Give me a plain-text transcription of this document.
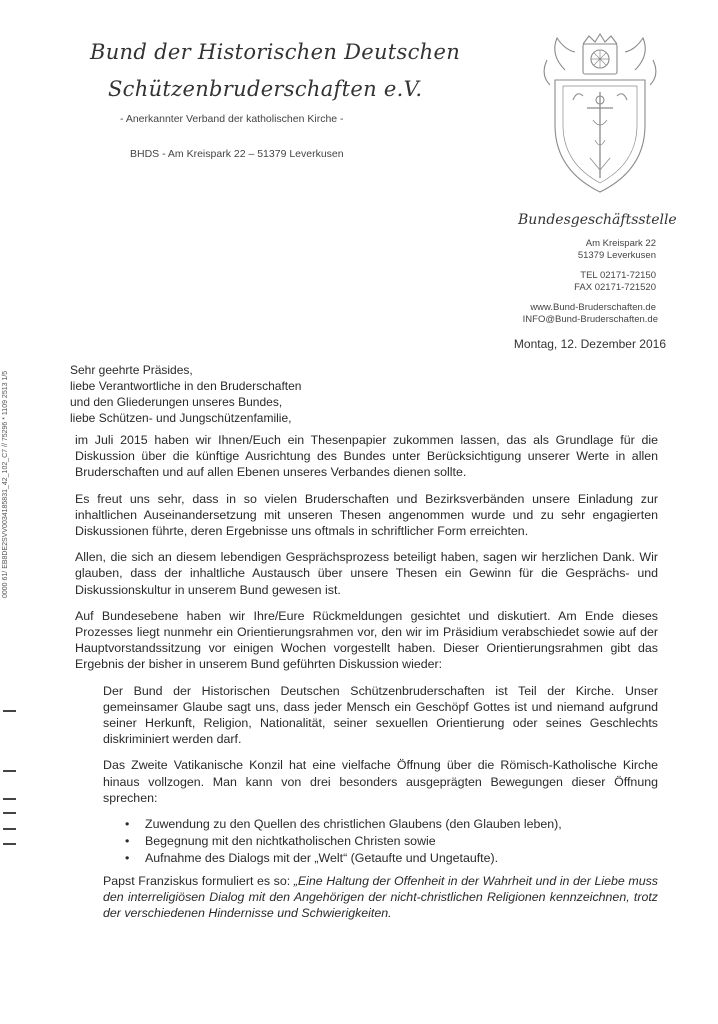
Bund der Historischen Deutschen
Schützenbruderschaften e.V.
- Anerkannter Verband der katholischen Kirche -
BHDS - Am Kreispark 22 – 51379 Leverkusen
Bundesgeschäftsstelle
Am Kreispark 22
51379 Leverkusen
TEL 02171-72150
FAX 02171-721520
www.Bund-Bruderschaften.de
INFO@Bund-Bruderschaften.de
Montag, 12. Dezember 2016
Sehr geehrte Präsides,
liebe Verantwortliche in den Bruderschaften
und den Gliederungen unseres Bundes,
liebe Schützen- und Jungschützenfamilie,

im Juli 2015 haben wir Ihnen/Euch ein Thesenpapier zukommen lassen, das als Grundlage für die Diskussion über die künftige Ausrichtung des Bundes unter Berücksichtigung unserer Werte in allen Bruderschaften und auf allen Ebenen unseres Verbandes dienen sollte.

Es freut uns sehr, dass in so vielen Bruderschaften und Bezirksverbänden unsere Einladung zur inhaltlichen Auseinandersetzung mit unseren Thesen angenommen wurde und zu sehr engagierten Diskussionen führte, deren Ergebnisse uns oftmals in schriftlicher Form erreichten.

Allen, die sich an diesem lebendigen Gesprächsprozess beteiligt haben, sagen wir herzlichen Dank. Wir glauben, dass der inhaltliche Austausch über unsere Thesen ein Gewinn für die Gesprächs- und Diskussionskultur in unserem Bund gewesen ist.

Auf Bundesebene haben wir Ihre/Eure Rückmeldungen gesichtet und diskutiert. Am Ende dieses Prozesses liegt nunmehr ein Orientierungsrahmen vor, den wir im Präsidium verabschiedet sowie auf der Hauptvorstandssitzung vor einigen Wochen vorgestellt haben. Dieser Orientierungsrahmen gibt das Ergebnis der bisher in unserem Bund geführten Diskussion wieder:

Der Bund der Historischen Deutschen Schützenbruderschaften ist Teil der Kirche. Unser gemeinsamer Glaube sagt uns, dass jeder Mensch ein Geschöpf Gottes ist und niemand aufgrund seiner Herkunft, Religion, Nationalität, seiner sexuellen Orientierung oder seines Geschlechts diskriminiert werden darf.

Das Zweite Vatikanische Konzil hat eine vielfache Öffnung über die Römisch-Katholische Kirche hinaus vollzogen. Man kann von drei besonders ausgeprägten Bewegungen dieser Öffnung sprechen:

• Zuwendung zu den Quellen des christlichen Glaubens (den Glauben leben),
• Begegnung mit den nichtkatholischen Christen sowie
• Aufnahme des Dialogs mit der „Welt“ (Getaufte und Ungetaufte).

Papst Franziskus formuliert es so: „Eine Haltung der Offenheit in der Wahrheit und in der Liebe muss den interreligiösen Dialog mit den Angehörigen der nicht-christlichen Religionen kennzeichnen, trotz der verschiedenen Hindernisse und Schwierigkeiten.

0000 61/ EB8DE2SVV0034185831_42_102_C7 // 75296 * 1109 2513 1/5
